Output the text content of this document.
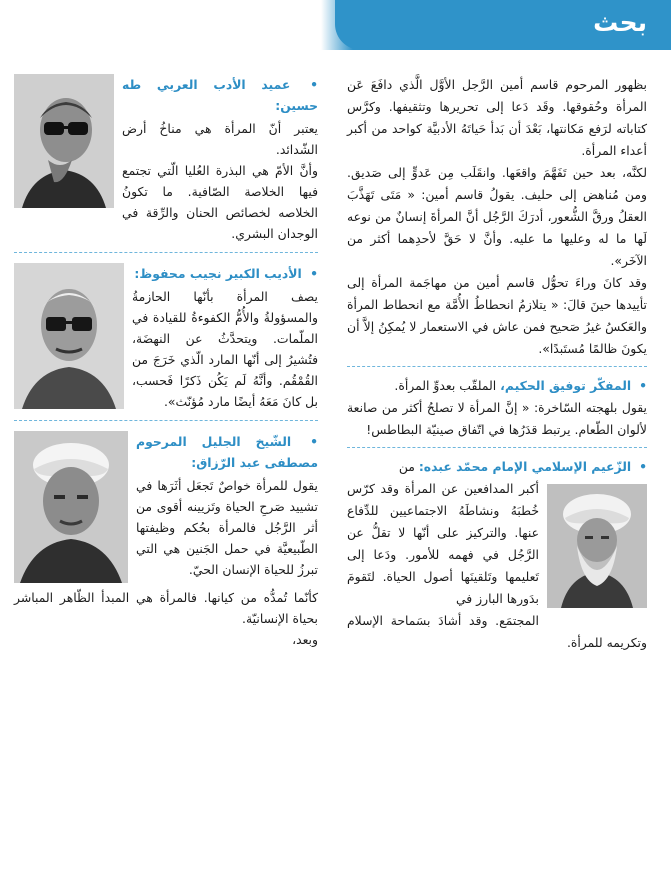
بحث

بظهور المرحوم قاسم أمين الرَّجل الأوَّل الَّذي دافَعَ عَن المرأة وحُقوقها. وقَد دَعا إلى تحريرها وتثقيفها. وكرَّس كتاباته لرَفع مَكانتها، بَعْدَ أن بَدأ حَياتَهُ الأدبيَّة كواحد من أكبر أعداء المرأة.

لكنَّه، بعد حين تَفَهَّمَ واقعَها. وانقَلَب مِن عَدوٍّ إلى صَديق. ومن مُناهض إلى حليف. يقولُ قاسم أمين: « مَتَى تَهَذَّبَ العقلُ ورقَّ الشُّعور، أدرَكَ الرَّجُل أنَّ المرأةَ إنسانٌ من نوعه لَها ما له وعليها ما عليه. وأنَّ لا حَقَّ لأحدِهما أكثر من الآخَر».

وقد كانَ وراءَ تحوُّل قاسم أمين من مهاجَمة المرأة إلى تأييدها حينَ قالَ: « يتلازمُ انحطاطُ الأُمَّة مع انحطاط المرأة والعَكسُ غيرُ صَحيح فمن عاش في الاستعمار لا يُمكِنُ إلاَّ أن يكونَ ظالمًا مُستَبدًا».

• المفكّر توفيق الحكيم، الملقّب بعدوِّ المرأة.

يقول بلهجته السّاخرة: « إنَّ المرأة لا تصلحُ أكثر من صانعة لألوان الطّعام. يرتبط قدَرُها في اتّفاق صينيّة البطاطس!

• الزّعيم الإسلامي الإمام محمّد عبده: من

أكبر المدافعين عن المرأة وقد كرّس خُطبَهُ ونشاطَهُ الاجتماعيين للدِّفاع عنها. والتركيز على أنّها لا تقلُّ عن الرَّجُل في فهمه للأمور. ودَعا إلى تَعليمها وتَلقينَها أصول الحياة. لتَقومَ بدَورها البارز في

المجتمَع. وقد أشادَ بسَماحة الإسلام وتكريمه للمرأة.

• عميد الأدب العربي طه حسين:

يعتبر أنّ المرأة هي مناخُ أرض الشّدائد.

وأنَّ الأمّ هي البذرة العُليا الّتي تجتمع فيها الخلاصة الصّافية. ما تكونُ الخلاصه لخصائص الحنان والرِّقة في الوجدان البشري.

• الأديب الكبير نجيب محفوظ:

يصف المرأة بأنّها الحازمةُ والمسؤولةُ والأُمُّ الكفوءةُ للقيادة في الملّمات. ويتحدَّثُ عن النهضَة، فتُشيرُ إلى أنّها المارد الّذي خَرَجَ من القُمْقُم. وأنَّهُ لَم يَكُن ذَكرًا فَحسب، بل كانَ مَعَهُ أيضًا مارد مُؤنّث».

• الشّيخ الجليل المرحوم مصطفى عبد الرّزاق:

يقول للمرأة خواصٌ تَجعَل أثَرَها في تشييد صَرحِ الحياة وتَزيينه أقوى من أثر الرَّجُل فالمرأة بحُكم وظيفتها الطّبيعيَّة في حمل الجَنين هي التي تبرزُ للحياة الإنسان الحيّ.

كأنّما تُمدُّه من كيانها. فالمرأة هي المبدأ الظّاهر المباشر بحياة الإنسانيّة.

وبعد،
